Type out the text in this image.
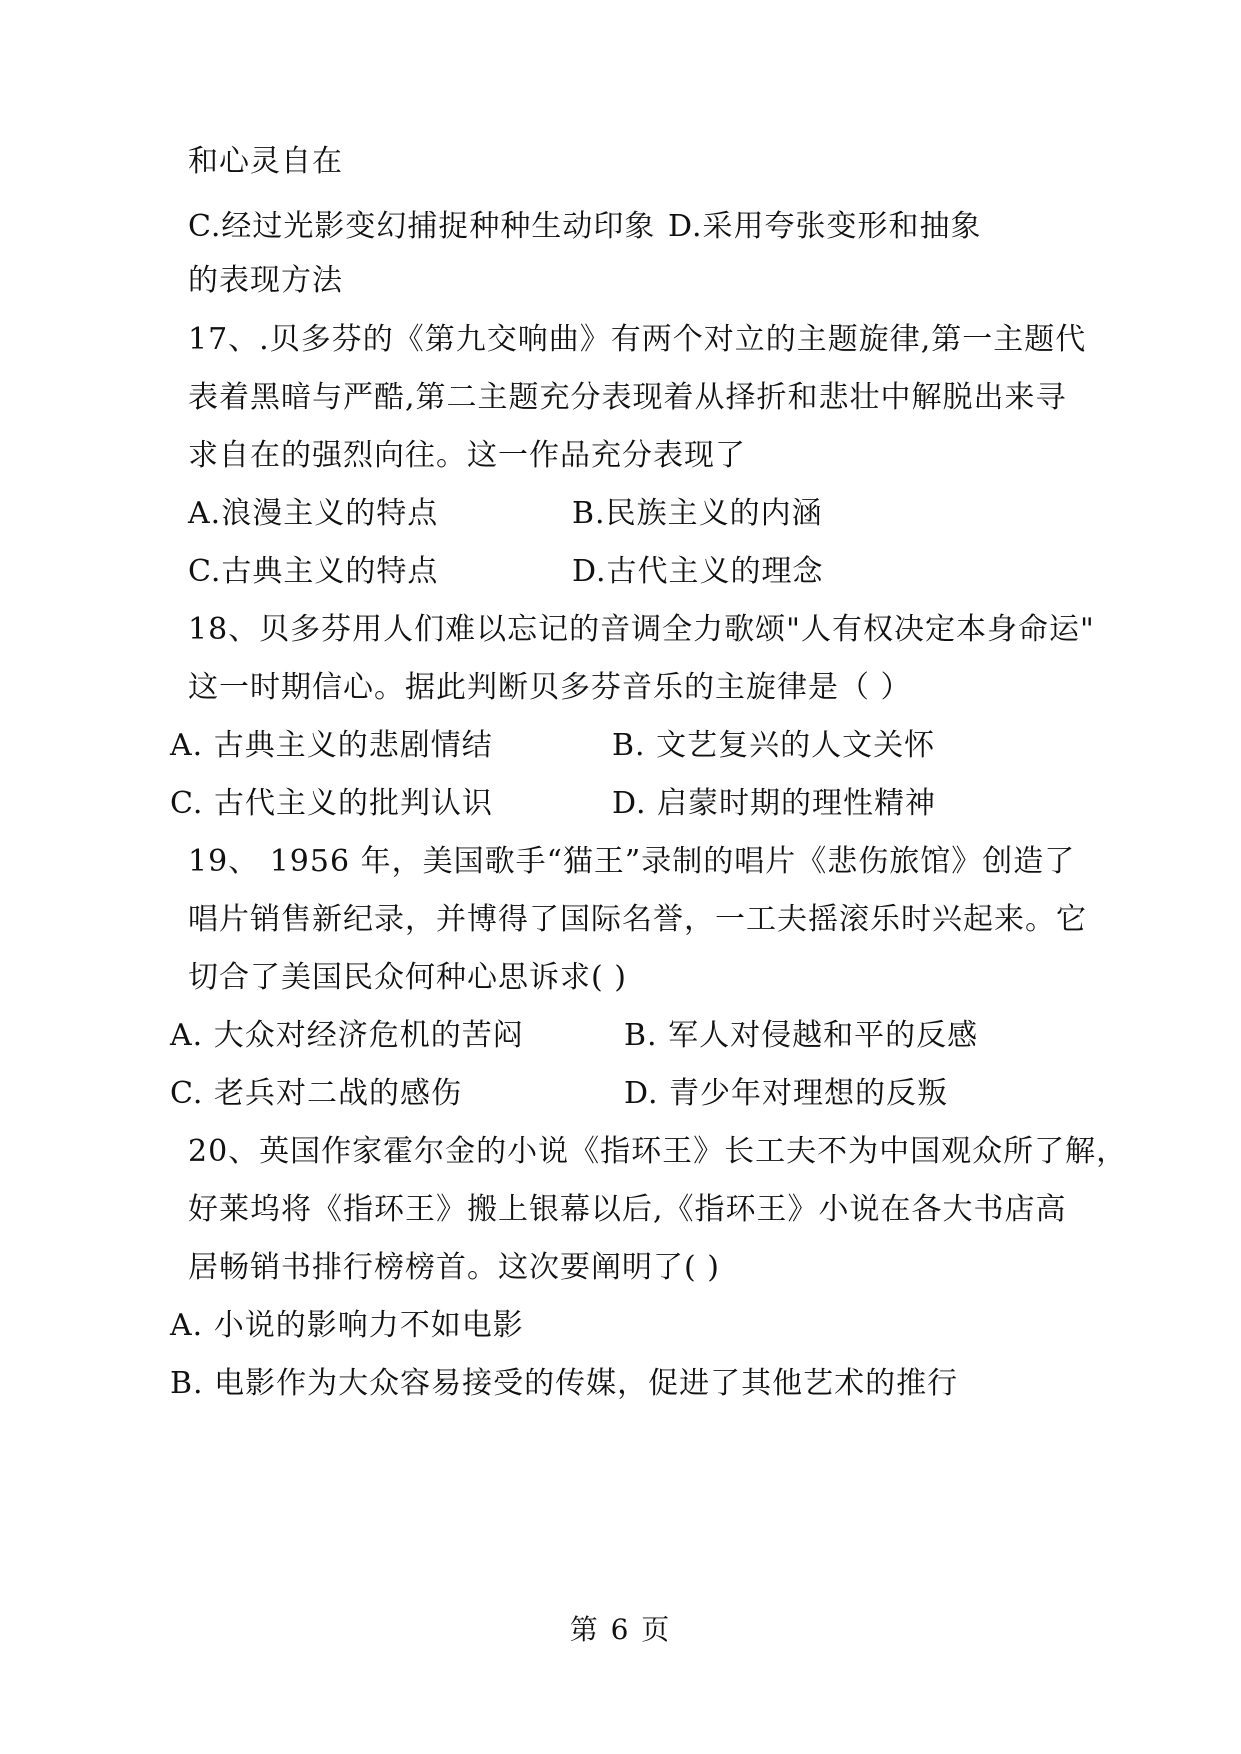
和心灵自在
C.经过光影变幻捕捉种种生动印象 D.采用夸张变形和抽象
的表现方法
17、.贝多芬的《第九交响曲》有两个对立的主题旋律,第一主题代
表着黑暗与严酷,第二主题充分表现着从择折和悲壮中解脱出来寻
求自在的强烈向往。这一作品充分表现了
A.浪漫主义的特点	B.民族主义的内涵
C.古典主义的特点	D.古代主义的理念
18、贝多芬用人们难以忘记的音调全力歌颂"人有权决定本身命运"
这一时期信心。据此判断贝多芬音乐的主旋律是（ ）
A. 古典主义的悲剧情结	B. 文艺复兴的人文关怀
C. 古代主义的批判认识	D. 启蒙时期的理性精神
19、 1956 年，美国歌手“猫王”录制的唱片《悲伤旅馆》创造了
唱片销售新纪录，并博得了国际名誉，一工夫摇滚乐时兴起来。它
切合了美国民众何种心思诉求( )
A. 大众对经济危机的苦闷	B. 军人对侵越和平的反感
C. 老兵对二战的感伤	D. 青少年对理想的反叛
20、英国作家霍尔金的小说《指环王》长工夫不为中国观众所了解，
好莱坞将《指环王》搬上银幕以后,《指环王》小说在各大书店高
居畅销书排行榜榜首。这次要阐明了( )
A. 小说的影响力不如电影
B. 电影作为大众容易接受的传媒，促进了其他艺术的推行
第 6 页
